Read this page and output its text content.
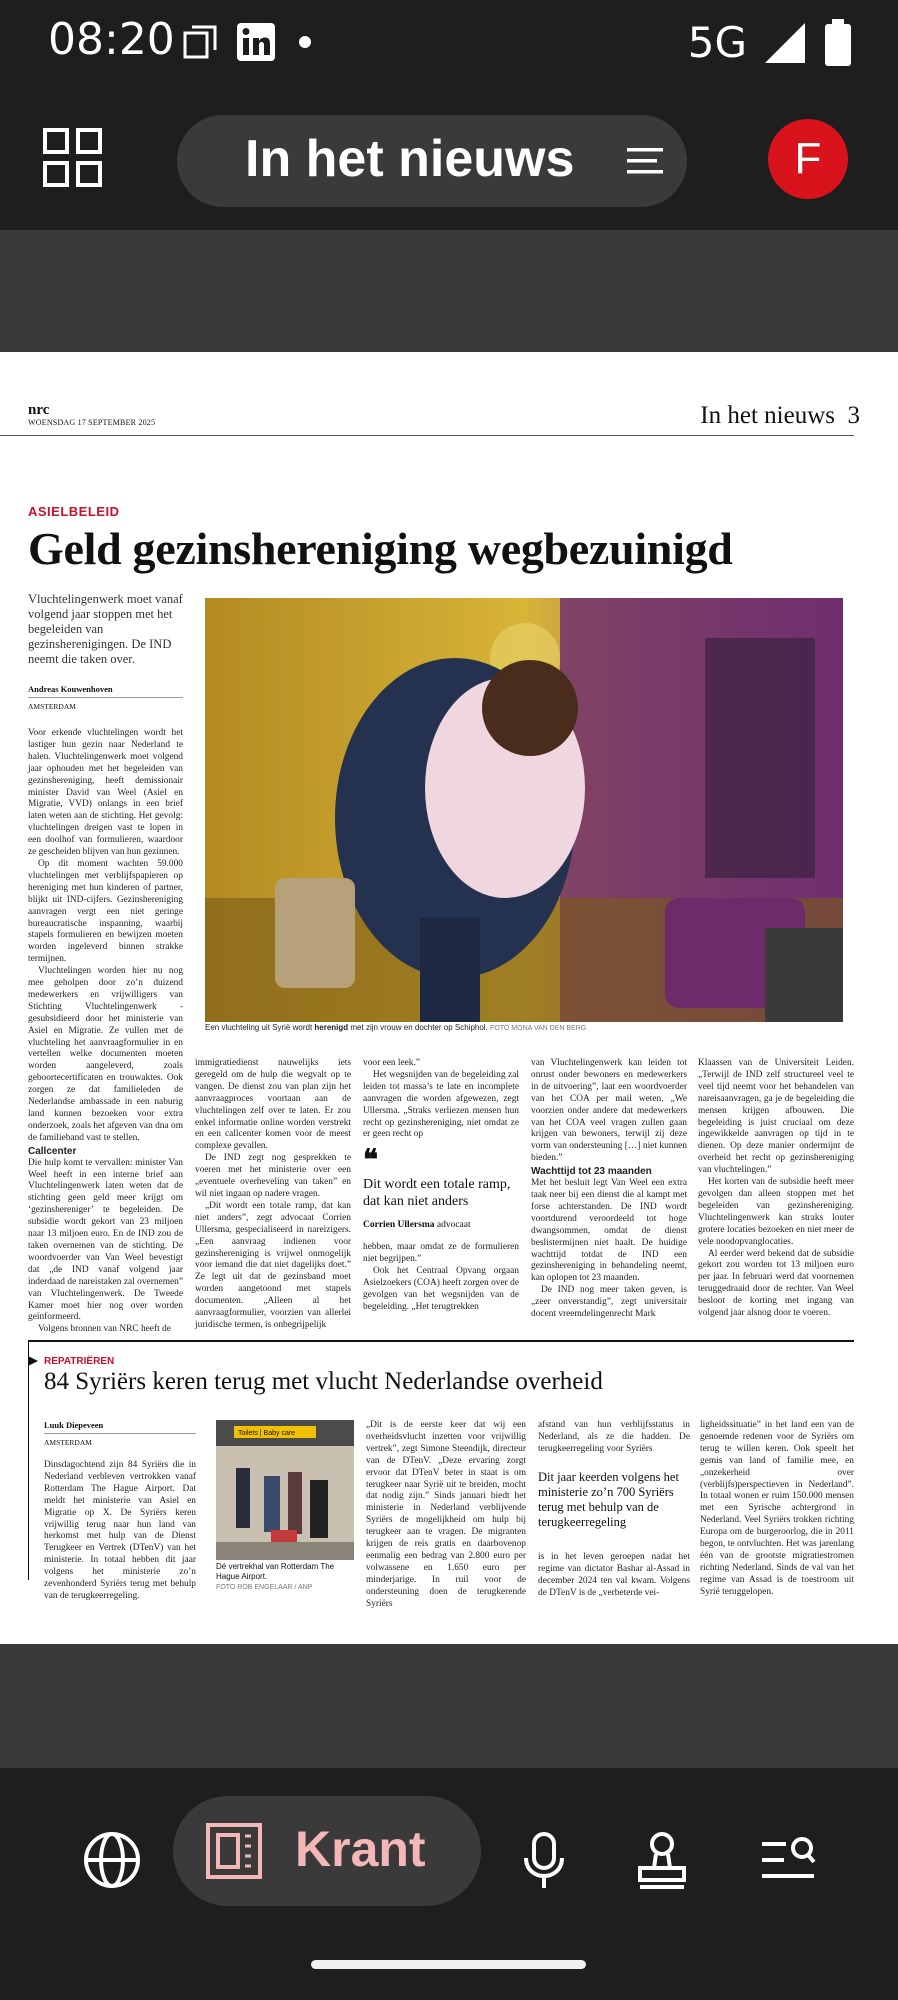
08:20	5G
In het nieuws	F
nrc
WOENSDAG 17 SEPTEMBER 2025	In het nieuws 3
ASIELBELEID
Geld gezinshereniging wegbezuinigd
Vluchtelingenwerk moet vanaf volgend jaar stoppen met het begeleiden van gezinsherenigingen. De IND neemt die taken over.
Andreas Kouwenhoven
AMSTERDAM

Voor erkende vluchtelingen wordt het lastiger hun gezin naar Nederland te halen. Vluchtelingenwerk moet volgend jaar ophouden met het begeleiden van gezinshereniging, heeft demissionair minister David van Weel (Asiel en Migratie, VVD) onlangs in een brief laten weten aan de stichting. Het gevolg: vluchtelingen dreigen vast te lopen in een doolhof van formulieren, waardoor ze gescheiden blijven van hun gezinnen.

Op dit moment wachten 59.000 vluchtelingen met verblijfspapieren op hereniging met hun kinderen of partner, blijkt uit IND-cijfers. Gezinshereniging aanvragen vergt een niet geringe bureaucratische inspanning, waarbij stapels formulieren en bewijzen moeten worden ingeleverd binnen strakke termijnen.

Vluchtelingen worden hier nu nog mee geholpen door zo’n duizend medewerkers en vrijwilligers van Stichting Vluchtelingenwerk - gesubsidieerd door het ministerie van Asiel en Migratie. Ze vullen met de vluchteling het aanvraagformulier in en vertellen welke documenten moeten worden aangeleverd, zoals geboortecertificaten en trouwaktes. Ook zorgen ze dat familieleden de Nederlandse ambassade in een naburig land kunnen bezoeken voor extra onderzoek, zoals het afgeven van dna om de familieband vast te stellen.

Callcenter

Die hulp komt te vervallen: minister Van Weel heeft in een interne brief aan Vluchtelingenwerk laten weten dat de stichting geen geld meer krijgt om ‘gezinshereniger’ te begeleiden. De subsidie wordt gekort van 23 miljoen naar 13 miljoen euro. En de IND zou de taken overnemen van de stichting. De woordvoerder van Van Weel bevestigt dat „de IND vanaf volgend jaar inderdaad de nareistaken zal overnemen” van Vluchtelingenwerk. De Tweede Kamer moet hier nog over worden geïnformeerd.

Volgens bronnen van NRC heeft de

Een vluchteling uit Syrië wordt herenigd met zijn vrouw en dochter op Schiphol. FOTO MONA VAN DEN BERG

immigratiedienst nauwelijks iets geregeld om de hulp die wegvalt op te vangen. De dienst zou van plan zijn het aanvraagproces voortaan aan de vluchtelingen zelf over te laten. Er zou enkel informatie online worden verstrekt en een callcenter komen voor de meest complexe gevallen.

De IND zegt nog gesprekken te voeren met het ministerie over een „eventuele overheveling van taken” en wil niet ingaan op nadere vragen.

„Dit wordt een totale ramp, dat kan niet anders”, zegt advocaat Corrien Ullersma, gespecialiseerd in nareizigers. „Een aanvraag indienen voor gezinshereniging is vrijwel onmogelijk voor iemand die dat niet dagelijks doet.” Ze legt uit dat de gezinsband moet worden aangetoond met stapels documenten. „Alleen al het aanvraagformulier, voorzien van allerlei juridische termen, is onbegrijpelijk

voor een leek.”

Het wegsnijden van de begeleiding zal leiden tot massa’s te late en incomplete aanvragen die worden afgewezen, zegt Ullersma. „Straks verliezen mensen hun recht op gezinshereniging, niet omdat ze er geen recht op

❝
Dit wordt een totale ramp, dat kan niet anders
Corrien Ullersma advocaat

hebben, maar omdat ze de formulieren niet begrijpen.”

Ook het Centraal Opvang orgaan Asielzoekers (COA) heeft zorgen over de gevolgen van het wegsnijden van de begeleiding. „Het terugtrekken

van Vluchtelingenwerk kan leiden tot onrust onder bewoners en medewerkers in de uitvoering”, laat een woordvoerder van het COA per mail weten. „We voorzien onder andere dat medewerkers van het COA veel vragen zullen gaan krijgen van bewoners, terwijl zij deze vorm van ondersteuning […] niet kunnen bieden.”

Wachttijd tot 23 maanden

Met het besluit legt Van Weel een extra taak neer bij een dienst die al kampt met forse achterstanden. De IND wordt voortdurend veroordeeld tot hoge dwangsommen, omdat de dienst beslistermijnen niet haalt. De huidige wachttijd totdat de IND een gezinshereniging in behandeling neemt, kan oplopen tot 23 maanden.

De IND nog meer taken geven, is „zeer onverstandig”, zegt universitair docent vreemdelingenrecht Mark

Klaassen van de Universiteit Leiden. „Terwijl de IND zelf structureel veel te veel tijd neemt voor het behandelen van nareisaanvragen, ga je de begeleiding die mensen krijgen afbouwen. Die begeleiding is juist cruciaal om deze ingewikkelde aanvragen op tijd in te dienen. Op deze manier ondermijnt de overheid het recht op gezinshereniging van vluchtelingen.”

Het korten van de subsidie heeft meer gevolgen dan alleen stoppen met het begeleiden van gezinshereniging. Vluchtelingenwerk kan straks louter grotere locaties bezoeken en niet meer de vele noodopvanglocaties.

Al eerder werd bekend dat de subsidie gekort zou worden tot 13 miljoen euro per jaar. In februari werd dat voornemen teruggedraaid door de rechter. Van Weel besloot de korting met ingang van volgend jaar alsnog door te voeren.

REPATRIËREN
84 Syriërs keren terug met vlucht Nederlandse overheid
Luuk Diepeveen
AMSTERDAM

Dinsdagochtend zijn 84 Syriërs die in Nederland verbleven vertrokken vanaf Rotterdam The Hague Airport. Dat meldt het ministerie van Asiel en Migratie op X. De Syriërs keren vrijwillig terug naar hun land van herkomst met hulp van de Dienst Terugkeer en Vertrek (DTenV) van het ministerie. In totaal hebben dit jaar volgens het ministerie zo’n zevenhonderd Syriërs terug met behulp van de terugkeerregeling.

Toilets | Baby care
Dé vertrekhal van Rotterdam The Hague Airport.
FOTO ROB ENGELAAR / ANP

„Dit is de eerste keer dat wij een overheidsvlucht inzetten voor vrijwillig vertrek”, zegt Simone Steendijk, directeur van de DTenV. „Deze ervaring zorgt ervoor dat DTenV beter in staat is om terugkeer naar Syrië uit te breiden, mocht dat nodig zijn.” Sinds januari biedt het ministerie in Nederland verblijvende Syriërs de mogelijkheid om hulp bij terugkeer aan te vragen. De migranten krijgen de reis gratis en daarbovenop eenmalig een bedrag van 2.800 euro per volwassene en 1.650 euro per minderjarige. In ruil voor de ondersteuning doen de terugkerende Syriërs

afstand van hun verblijfsstatus in Nederland, als ze die hadden. De terugkeerregeling voor Syriërs

Dit jaar keerden volgens het ministerie zo’n 700 Syriërs terug met behulp van de terugkeerregeling

is in het leven geroepen nadat het regime van dictator Bashar al-Assad in december 2024 ten val kwam. Volgens de DTenV is de „verbeterde vei-

ligheidssituatie” in het land een van de genoemde redenen voor de Syriërs om terug te willen keren. Ook speelt het gemis van land of familie mee, en „onzekerheid over (verblijfs)perspectieven in Nederland”. In totaal wonen er ruim 150.000 mensen met een Syrische achtergrond in Nederland. Veel Syriërs trokken richting Europa om de burgeroorlog, die in 2011 begon, te ontvluchten. Het was jarenlang één van de grootste migratiestromen richting Nederland. Sinds de val van het regime van Assad is de toestroom uit Syrië teruggelopen.

Krant
